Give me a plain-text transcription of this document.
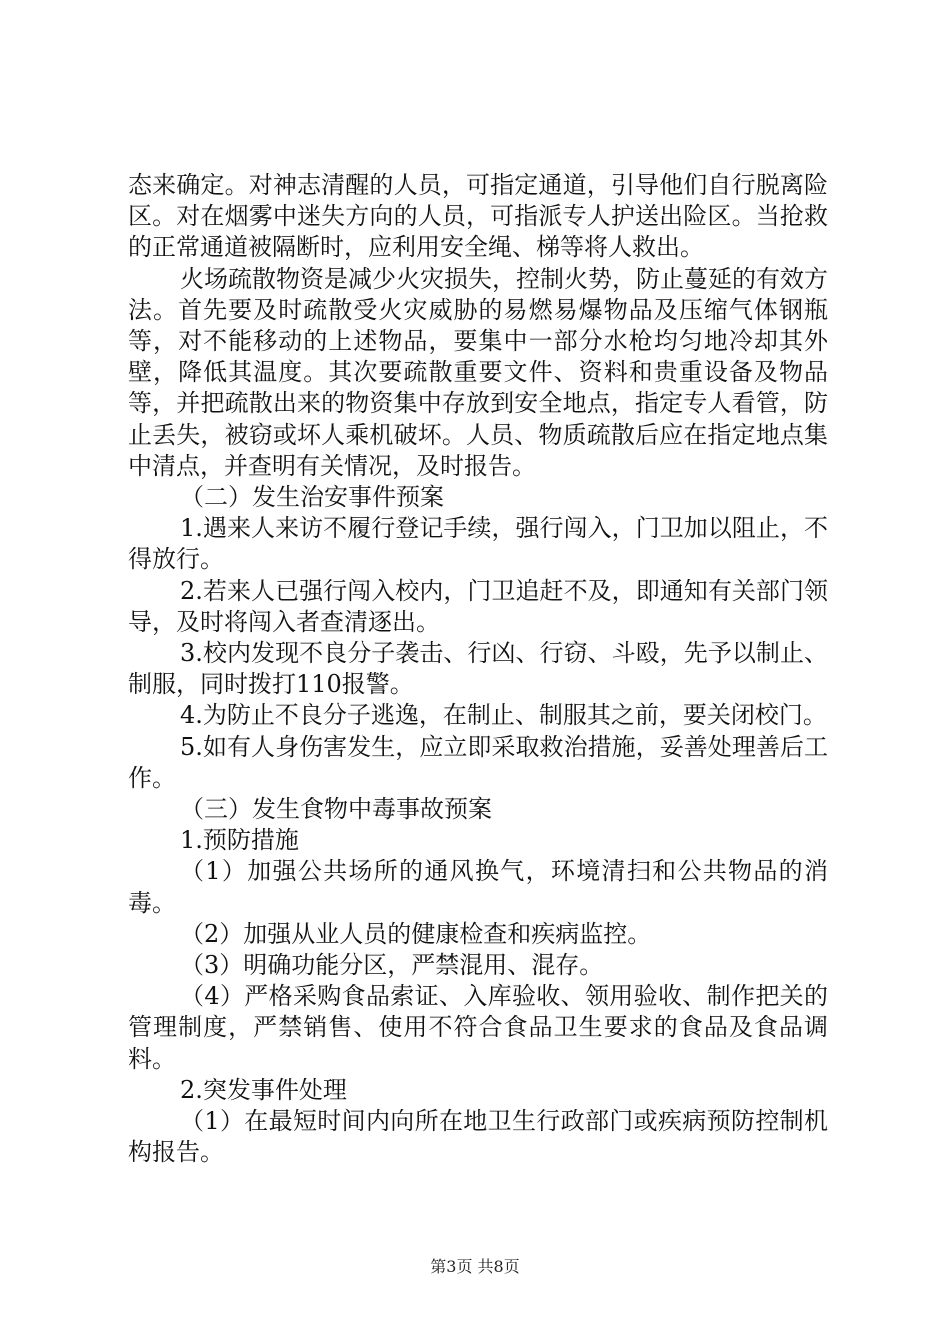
态来确定。对神志清醒的人员，可指定通道，引导他们自行脱离险区。对在烟雾中迷失方向的人员，可指派专人护送出险区。当抢救的正常通道被隔断时，应利用安全绳、梯等将人救出。

火场疏散物资是减少火灾损失，控制火势，防止蔓延的有效方法。首先要及时疏散受火灾威胁的易燃易爆物品及压缩气体钢瓶等，对不能移动的上述物品，要集中一部分水枪均匀地冷却其外壁，降低其温度。其次要疏散重要文件、资料和贵重设备及物品等，并把疏散出来的物资集中存放到安全地点，指定专人看管，防止丢失，被窃或坏人乘机破坏。人员、物质疏散后应在指定地点集中清点，并查明有关情况，及时报告。

（二）发生治安事件预案

1.遇来人来访不履行登记手续，强行闯入，门卫加以阻止，不得放行。

2.若来人已强行闯入校内，门卫追赶不及，即通知有关部门领导，及时将闯入者查清逐出。

3.校内发现不良分子袭击、行凶、行窃、斗殴，先予以制止、制服，同时拨打110报警。

4.为防止不良分子逃逸，在制止、制服其之前，要关闭校门。

5.如有人身伤害发生，应立即采取救治措施，妥善处理善后工作。

（三）发生食物中毒事故预案

1.预防措施

（1）加强公共场所的通风换气，环境清扫和公共物品的消毒。

（2）加强从业人员的健康检查和疾病监控。

（3）明确功能分区，严禁混用、混存。

（4）严格采购食品索证、入库验收、领用验收、制作把关的管理制度，严禁销售、使用不符合食品卫生要求的食品及食品调料。

2.突发事件处理

（1）在最短时间内向所在地卫生行政部门或疾病预防控制机构报告。

第3页 共8页
